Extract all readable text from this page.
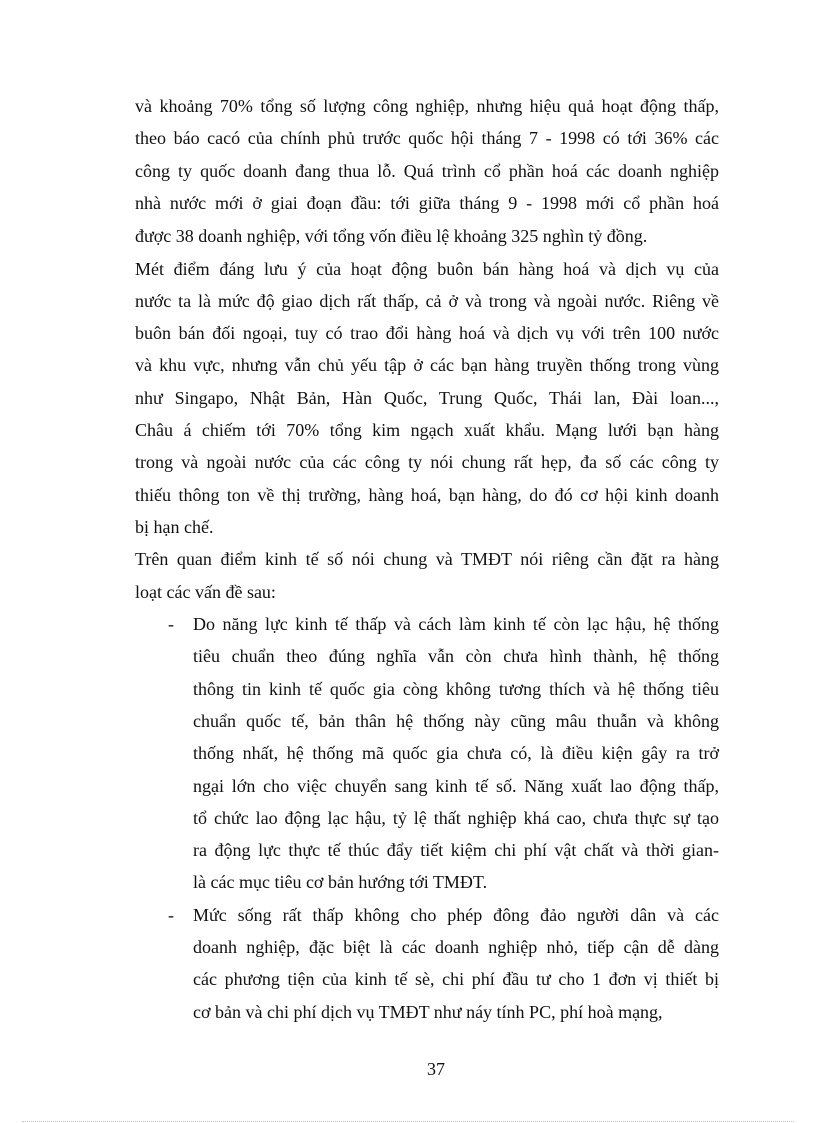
và khoảng 70% tổng số lượng công nghiệp, nhưng hiệu quả hoạt động thấp,

theo báo cacó của chính phủ trước quốc hội tháng 7 - 1998 có tới 36% các

công ty quốc doanh đang thua lỗ. Quá trình cổ phần hoá các doanh nghiệp

nhà nước mới ở giai đoạn đầu: tới giữa tháng 9 - 1998 mới cổ phần hoá

được 38 doanh nghiệp, với tổng vốn điều lệ khoảng 325 nghìn tỷ đồng.

Mét điểm đáng lưu ý của hoạt động buôn bán hàng hoá và dịch vụ của

nước ta là mức độ giao dịch rất thấp, cả ở và trong và ngoài nước. Riêng về

buôn bán đối ngoại, tuy có trao đổi hàng hoá và dịch vụ với trên 100 nước

và khu vực, nhưng vẫn chủ yếu tập ở các bạn hàng truyền thống trong vùng

như Singapo, Nhật Bản, Hàn Quốc, Trung Quốc, Thái lan, Đài loan...,

Châu á chiếm tới 70% tổng kim ngạch xuất khẩu. Mạng lưới bạn hàng

trong và ngoài nước của các công ty nói chung rất hẹp, đa số các công ty

thiếu thông ton về thị trường, hàng hoá, bạn hàng, do đó cơ hội kinh doanh

bị hạn chế.

Trên quan điểm kinh tế số nói chung và TMĐT nói riêng cần đặt ra hàng

loạt các vấn đề sau:

- Do năng lực kinh tế thấp và cách làm kinh tế còn lạc hậu, hệ thống

tiêu chuẩn theo đúng nghĩa vẫn còn chưa hình thành, hệ thống

thông tin kinh tế quốc gia còng không tương thích và hệ thống tiêu

chuẩn quốc tế, bản thân hệ thống này cũng mâu thuẫn và không

thống nhất, hệ thống mã quốc gia chưa có, là điều kiện gây ra trở

ngại lớn cho việc chuyển sang kinh tế số. Năng xuất lao động thấp,

tổ chức lao động lạc hậu, tỷ lệ thất nghiệp khá cao, chưa thực sự tạo

ra động lực thực tế thúc đẩy tiết kiệm chi phí vật chất và thời gian-

là các mục tiêu cơ bản hướng tới TMĐT.

- Mức sống rất thấp không cho phép đông đảo người dân và các

doanh nghiệp, đặc biệt là các doanh nghiệp nhỏ, tiếp cận dễ dàng

các phương tiện của kinh tế sè, chi phí đầu tư cho 1 đơn vị thiết bị

cơ bản và chi phí dịch vụ TMĐT như náy tính PC, phí hoà mạng,

37
